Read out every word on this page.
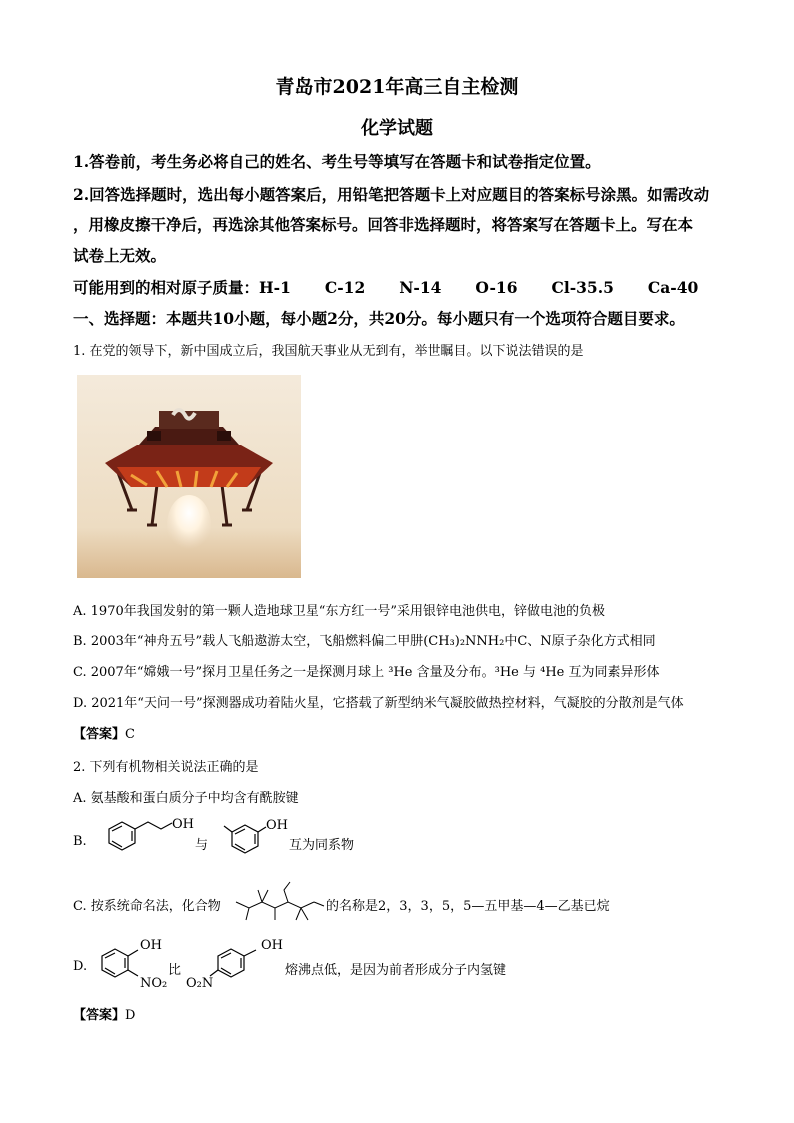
青岛市2021年高三自主检测
化学试题
1.答卷前，考生务必将自己的姓名、考生号等填写在答题卡和试卷指定位置。
2.回答选择题时，选出每小题答案后，用铅笔把答题卡上对应题目的答案标号涂黑。如需改动
，用橡皮擦干净后，再选涂其他答案标号。回答非选择题时，将答案写在答题卡上。写在本
试卷上无效。
可能用到的相对原子质量：H-1 C-12 N-14 O-16 Cl-35.5 Ca-40
一、选择题：本题共10小题，每小题2分，共20分。每小题只有一个选项符合题目要求。
1. 在党的领导下，新中国成立后，我国航天事业从无到有，举世瞩目。以下说法错误的是
A. 1970年我国发射的第一颗人造地球卫星“东方红一号”采用银锌电池供电，锌做电池的负极
B. 2003年“神舟五号”载人飞船遨游太空，飞船燃料偏二甲肼(CH₃)₂NNH₂中C、N原子杂化方式相同
C. 2007年“嫦娥一号”探月卫星任务之一是探测月球上 ³He 含量及分布。³He 与 ⁴He 互为同素异形体
D. 2021年“天问一号”探测器成功着陆火星，它搭载了新型纳米气凝胶做热控材料，气凝胶的分散剂是气体
【答案】C
2. 下列有机物相关说法正确的是
A. 氨基酸和蛋白质分子中均含有酰胺键
B.
OH
与
OH
互为同系物
C. 按系统命名法，化合物	的名称是2，3，3，5，5—五甲基—4—乙基已烷
D.
OH
NO₂
比
O₂N
OH
熔沸点低，是因为前者形成分子内氢键
【答案】D
